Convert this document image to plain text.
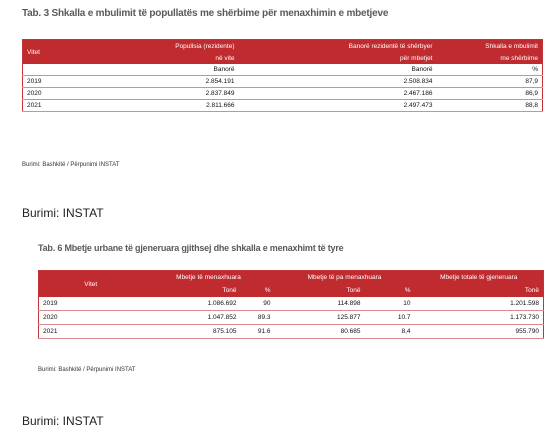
Tab. 3 Shkalla e mbulimit të popullatës me shërbime për menaxhimin e mbetjeve
Vitet	Popullsia (rezidente)	Banorë rezidentë të shërbyer	Shkalla e mbulimit
	në vite	për mbetjet	me shërbime
	Banorë	Banorë	%
2019	2.854.191	2.508.834	87,9
2020	2.837.849	2.467.186	86,9
2021	2.811.666	2.497.473	88,8
Burimi: Bashkitë / Përpunimi INSTAT
Burimi: INSTAT
Tab. 6 Mbetje urbane të gjeneruara gjithsej dhe shkalla e menaxhimt të tyre
Vitet	Mbetje të menaxhuara		Mbetje të pa menaxhuara		Mbetje totale të gjeneruara
	Tonë	%	Tonë	%	Tonë
2019	1.086.692	90	114.898	10	1.201.598
2020	1.047.852	89.3	125.877	10.7	1.173.730
2021	875.105	91.6	80.685	8,4	955.790
Burimi: Bashkitë / Përpunimi INSTAT
Burimi: INSTAT
